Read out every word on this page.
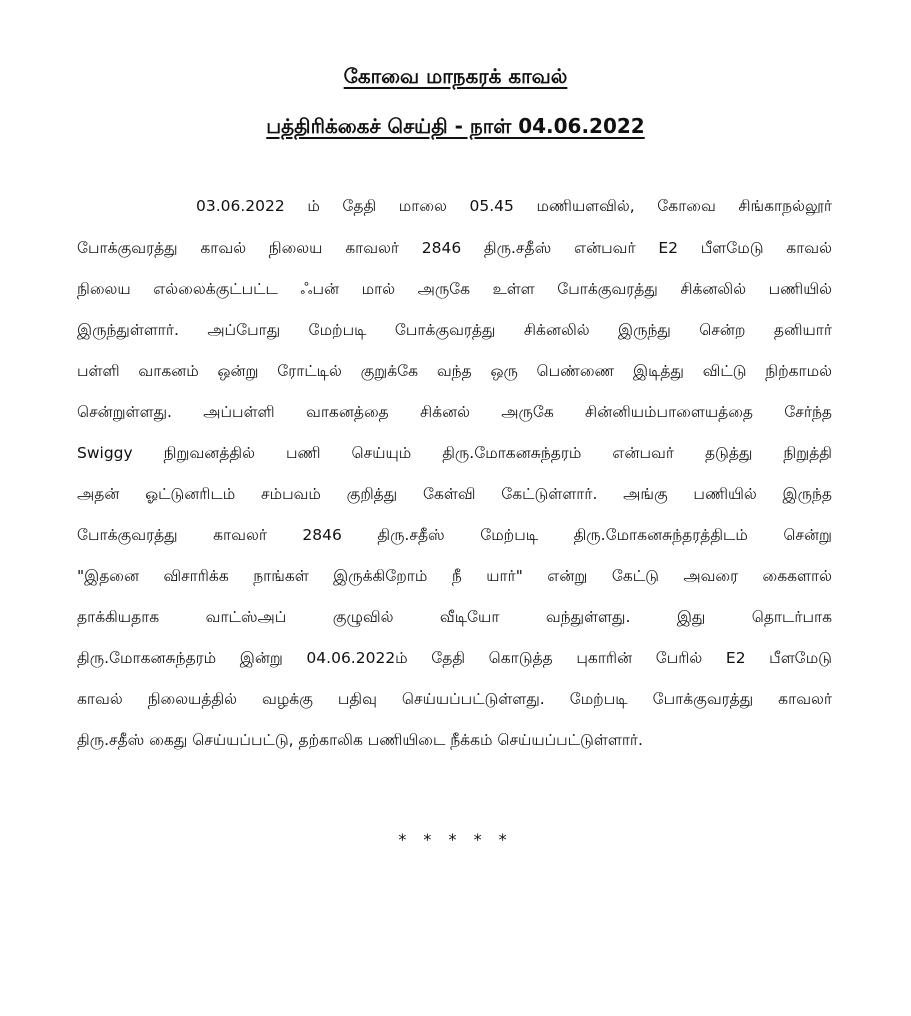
கோவை மாநகரக் காவல்
பத்திரிக்கைச் செய்தி - நாள் 04.06.2022
03.06.2022 ம் தேதி மாலை 05.45 மணியளவில், கோவை சிங்காநல்லூர்
போக்குவரத்து காவல் நிலைய காவலர் 2846 திரு.சதீஸ் என்பவர் E2 பீளமேடு காவல்
நிலைய எல்லைக்குட்பட்ட ஃபன் மால் அருகே உள்ள போக்குவரத்து சிக்னலில் பணியில்
இருந்துள்ளார். அப்போது மேற்படி போக்குவரத்து சிக்னலில் இருந்து சென்ற தனியார்
பள்ளி வாகனம் ஒன்று ரோட்டில் குறுக்கே வந்த ஒரு பெண்ணை இடித்து விட்டு நிற்காமல்
சென்றுள்ளது. அப்பள்ளி வாகனத்தை சிக்னல் அருகே சின்னியம்பாளையத்தை சேர்ந்த
Swiggy நிறுவனத்தில் பணி செய்யும் திரு.மோகனசுந்தரம் என்பவர் தடுத்து நிறுத்தி
அதன் ஓட்டுனரிடம் சம்பவம் குறித்து கேள்வி கேட்டுள்ளார். அங்கு பணியில் இருந்த
போக்குவரத்து காவலர் 2846 திரு.சதீஸ் மேற்படி திரு.மோகனசுந்தரத்திடம் சென்று
"இதனை விசாரிக்க நாங்கள் இருக்கிறோம் நீ யார்" என்று கேட்டு அவரை கைகளால்
தாக்கியதாக வாட்ஸ்அப் குழுவில் வீடியோ வந்துள்ளது. இது தொடர்பாக
திரு.மோகனசுந்தரம் இன்று 04.06.2022ம் தேதி கொடுத்த புகாரின் பேரில் E2 பீளமேடு
காவல் நிலையத்தில் வழக்கு பதிவு செய்யப்பட்டுள்ளது. மேற்படி போக்குவரத்து காவலர்
திரு.சதீஸ் கைது செய்யப்பட்டு, தற்காலிக பணியிடை நீக்கம் செய்யப்பட்டுள்ளார்.
* * * * *
